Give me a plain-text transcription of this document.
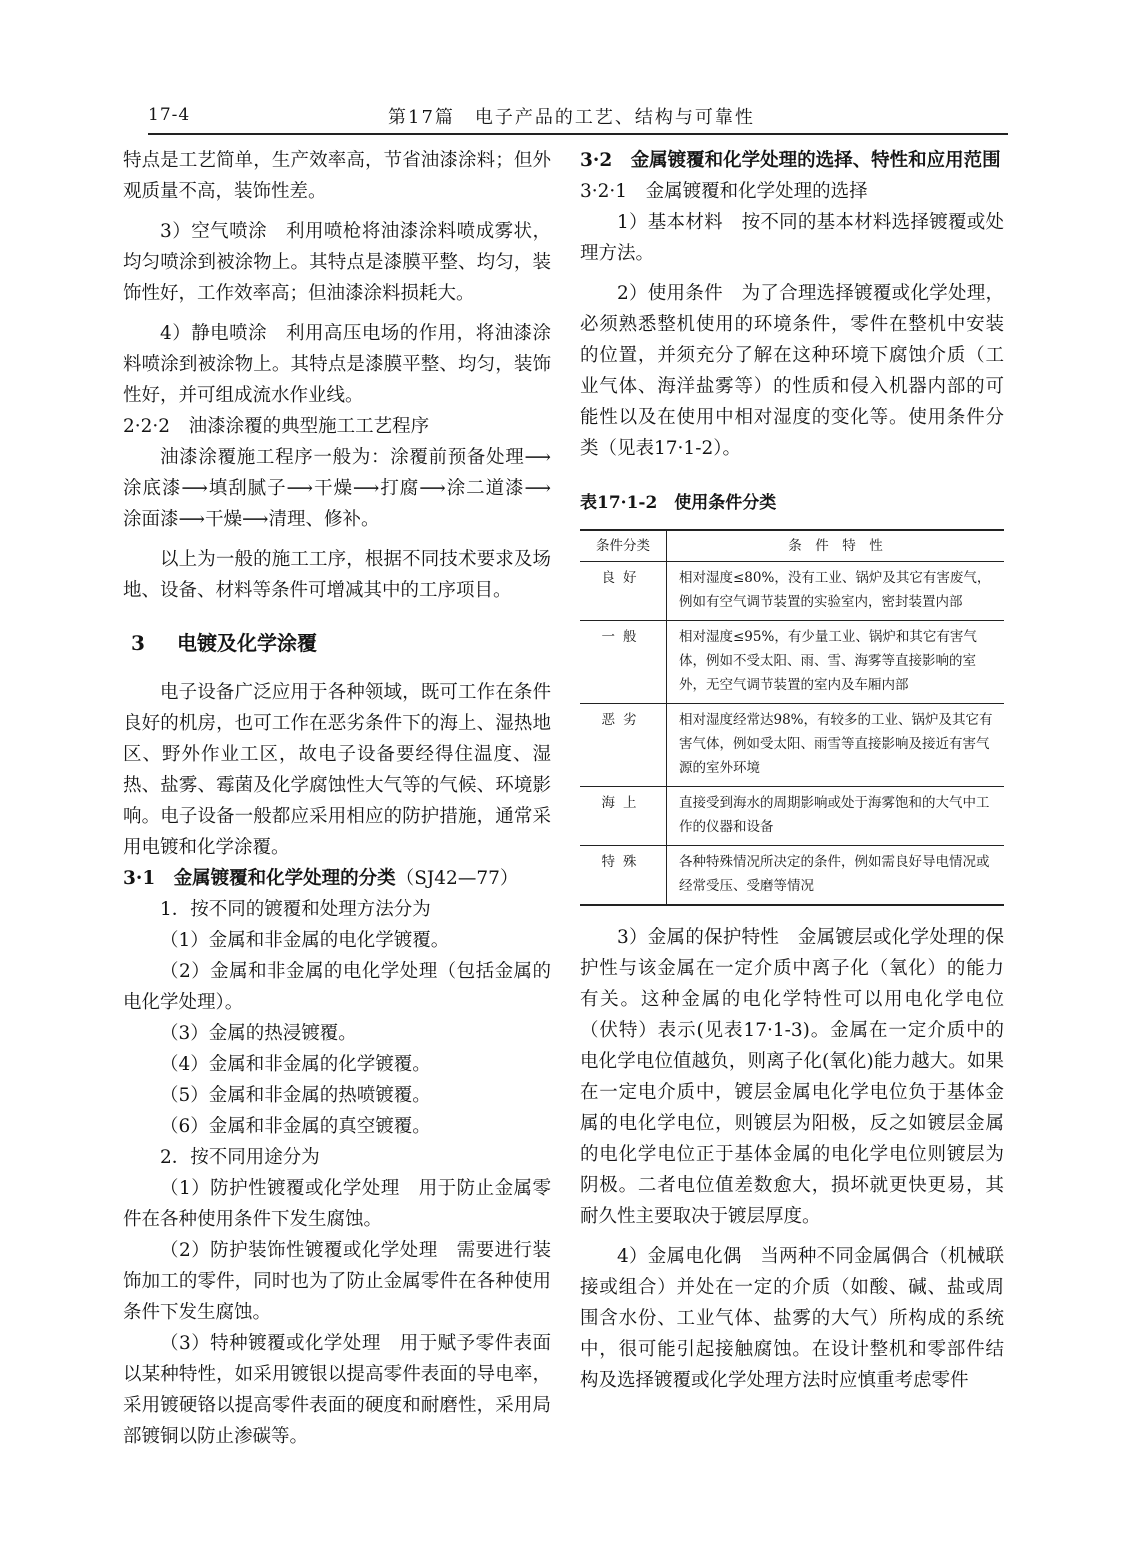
17-4	第17篇　电子产品的工艺、结构与可靠性

特点是工艺简单，生产效率高，节省油漆涂料；但外观质量不高，装饰性差。

3）空气喷涂　利用喷枪将油漆涂料喷成雾状，均匀喷涂到被涂物上。其特点是漆膜平整、均匀，装饰性好，工作效率高；但油漆涂料损耗大。

4）静电喷涂　利用高压电场的作用，将油漆涂料喷涂到被涂物上。其特点是漆膜平整、均匀，装饰性好，并可组成流水作业线。

2·2·2　油漆涂覆的典型施工工艺程序

油漆涂覆施工程序一般为：涂覆前预备处理⟶涂底漆⟶填刮腻子⟶干燥⟶打腐⟶涂二道漆⟶涂面漆⟶干燥⟶清理、修补。

以上为一般的施工工序，根据不同技术要求及场地、设备、材料等条件可增减其中的工序项目。

3 电镀及化学涂覆

电子设备广泛应用于各种领域，既可工作在条件良好的机房，也可工作在恶劣条件下的海上、湿热地区、野外作业工区，故电子设备要经得住温度、湿热、盐雾、霉菌及化学腐蚀性大气等的气候、环境影响。电子设备一般都应采用相应的防护措施，通常采用电镀和化学涂覆。

3·1　金属镀覆和化学处理的分类（SJ42—77）

1．按不同的镀覆和处理方法分为

（1）金属和非金属的电化学镀覆。

（2）金属和非金属的电化学处理（包括金属的电化学处理）。

（3）金属的热浸镀覆。

（4）金属和非金属的化学镀覆。

（5）金属和非金属的热喷镀覆。

（6）金属和非金属的真空镀覆。

2．按不同用途分为

（1）防护性镀覆或化学处理　用于防止金属零件在各种使用条件下发生腐蚀。

（2）防护装饰性镀覆或化学处理　需要进行装饰加工的零件，同时也为了防止金属零件在各种使用条件下发生腐蚀。

（3）特种镀覆或化学处理　用于赋予零件表面以某种特性，如采用镀银以提高零件表面的导电率，采用镀硬铬以提高零件表面的硬度和耐磨性，采用局部镀铜以防止渗碳等。

3·2　金属镀覆和化学处理的选择、特性和应用范围

3·2·1　金属镀覆和化学处理的选择

1）基本材料　按不同的基本材料选择镀覆或处理方法。

2）使用条件　为了合理选择镀覆或化学处理，必须熟悉整机使用的环境条件，零件在整机中安装的位置，并须充分了解在这种环境下腐蚀介质（工业气体、海洋盐雾等）的性质和侵入机器内部的可能性以及在使用中相对湿度的变化等。使用条件分类（见表17·1-2）。

表17·1-2　使用条件分类

条件分类	条　件　特　性
良好	相对湿度≤80%，没有工业、锅炉及其它有害废气，例如有空气调节装置的实验室内，密封装置内部
一般	相对湿度≤95%，有少量工业、锅炉和其它有害气体，例如不受太阳、雨、雪、海雾等直接影响的室外，无空气调节装置的室内及车厢内部
恶劣	相对湿度经常达98%，有较多的工业、锅炉及其它有害气体，例如受太阳、雨雪等直接影响及接近有害气源的室外环境
海上	直接受到海水的周期影响或处于海雾饱和的大气中工作的仪器和设备
特殊	各种特殊情况所决定的条件，例如需良好导电情况或经常受压、受磨等情况

3）金属的保护特性　金属镀层或化学处理的保护性与该金属在一定介质中离子化（氧化）的能力有关。这种金属的电化学特性可以用电化学电位（伏特）表示(见表17·1-3)。金属在一定介质中的电化学电位值越负，则离子化(氧化)能力越大。如果在一定电介质中，镀层金属电化学电位负于基体金属的电化学电位，则镀层为阳极，反之如镀层金属的电化学电位正于基体金属的电化学电位则镀层为阴极。二者电位值差数愈大，损坏就更快更易，其耐久性主要取决于镀层厚度。

4）金属电化偶　当两种不同金属偶合（机械联接或组合）并处在一定的介质（如酸、碱、盐或周围含水份、工业气体、盐雾的大气）所构成的系统中，很可能引起接触腐蚀。在设计整机和零部件结构及选择镀覆或化学处理方法时应慎重考虑零件
